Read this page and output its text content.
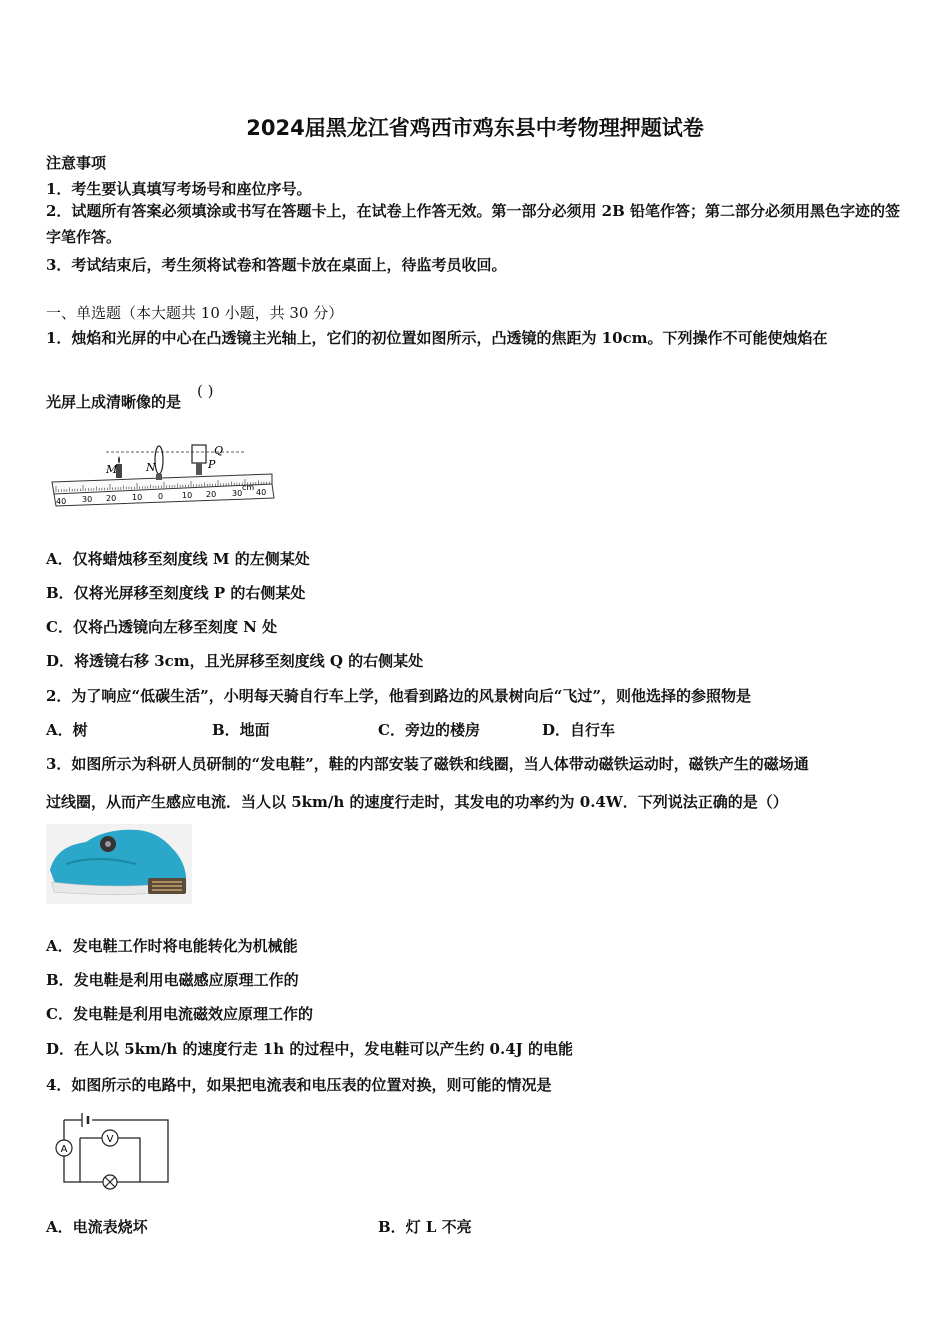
2024届黑龙江省鸡西市鸡东县中考物理押题试卷
注意事项
1．考生要认真填写考场号和座位序号。
2．试题所有答案必须填涂或书写在答题卡上，在试卷上作答无效。第一部分必须用 2B 铅笔作答；第二部分必须用黑色字迹的签字笔作答。
3．考试结束后，考生须将试卷和答题卡放在桌面上，待监考员收回。
一、单选题（本大题共 10 小题，共 30 分）
1．烛焰和光屏的中心在凸透镜主光轴上，它们的初位置如图所示，凸透镜的焦距为 10cm。下列操作不可能使烛焰在
光屏上成清晰像的是
( )
M	N	P
Q
cm
40 30 20 10 0 10 20 30 40
A．仅将蜡烛移至刻度线 M 的左侧某处
B．仅将光屏移至刻度线 P 的右侧某处
C．仅将凸透镜向左移至刻度 N 处
D．将透镜右移 3cm，且光屏移至刻度线 Q 的右侧某处
2．为了响应“低碳生活”，小明每天骑自行车上学，他看到路边的风景树向后“飞过”，则他选择的参照物是
A．树	B．地面	C．旁边的楼房	D．自行车
3．如图所示为科研人员研制的“发电鞋”，鞋的内部安装了磁铁和线圈，当人体带动磁铁运动时，磁铁产生的磁场通
过线圈，从而产生感应电流．当人以 5km/h 的速度行走时，其发电的功率约为 0.4W．下列说法正确的是（）
A．发电鞋工作时将电能转化为机械能
B．发电鞋是利用电磁感应原理工作的
C．发电鞋是利用电流磁效应原理工作的
D．在人以 5km/h 的速度行走 1h 的过程中，发电鞋可以产生约 0.4J 的电能
4．如图所示的电路中，如果把电流表和电压表的位置对换，则可能的情况是
A
V
A．电流表烧坏	B．灯 L 不亮
